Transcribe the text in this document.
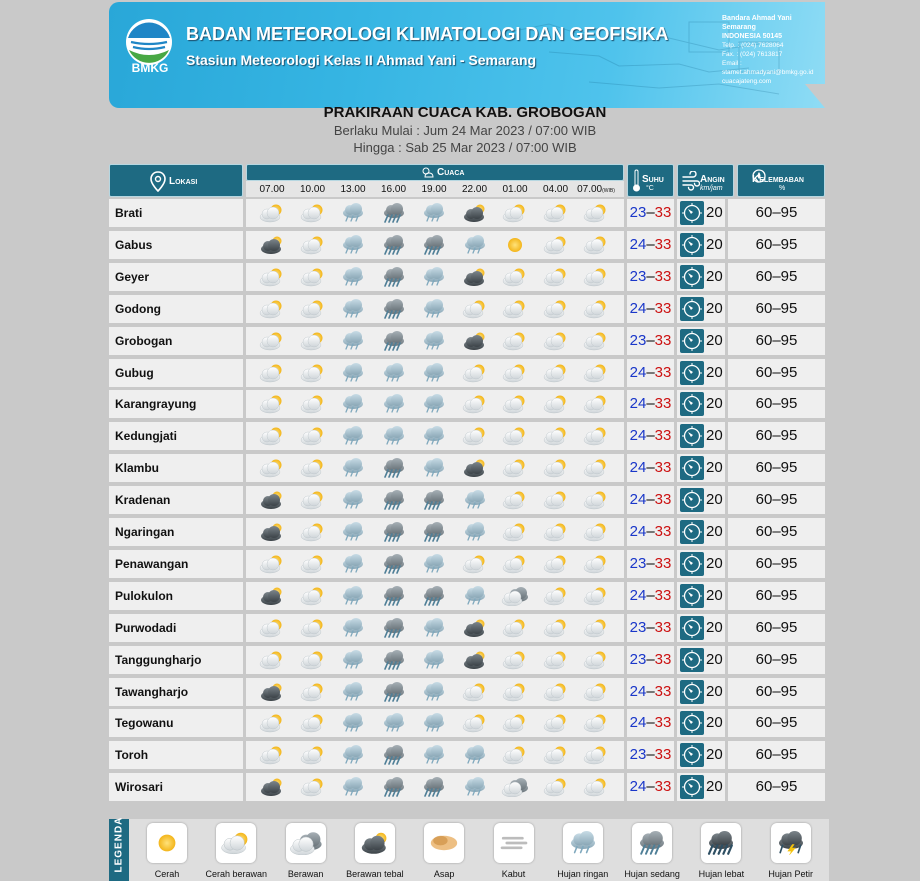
BMKG
BADAN METEOROLOGI KLIMATOLOGI DAN GEOFISIKA
Stasiun Meteorologi Kelas II Ahmad Yani - Semarang
Bandara Ahmad Yani
Semarang
INDONESIA 50145
Telp. : (024) 7628064
Fax. : (024) 7613817
Email : stamet.ahmadyani@bmkg.go.id
cuacajateng.com
PRAKIRAAN CUACA KAB. GROBOGAN
Berlaku Mulai : Jum 24 Mar 2023 / 07:00 WIB
Hingga : Sab 25 Mar 2023 / 07:00 WIB
Lokasi
Cuaca
Suhu
°C
Angin
km/jam
Kelembaban
%
07.00	10.00	13.00	16.00	19.00	22.00	01.00	04.00 07.00(WIB)
Brati	23–33 20	60–95
Gabus	24–33 20	60–95
Geyer	23–33 20	60–95
Godong	24–33 20	60–95
Grobogan	23–33 20	60–95
Gubug	24–33 20	60–95
Karangrayung	24–33 20	60–95
Kedungjati	24–33 20	60–95
Klambu	24–33 20	60–95
Kradenan	24–33 20	60–95
Ngaringan	24–33 20	60–95
Penawangan	23–33 20	60–95
Pulokulon	24–33 20	60–95
Purwodadi	23–33 20	60–95
Tanggungharjo	23–33 20	60–95
Tawangharjo	24–33 20	60–95
Tegowanu	24–33 20	60–95
Toroh	23–33 20	60–95
Wirosari	24–33 20	60–95
LEGENDA
Cerah	Cerah berawan	Berawan	Berawan tebal	Asap	Kabut	Hujan ringan	Hujan sedang	Hujan lebat	Hujan Petir
